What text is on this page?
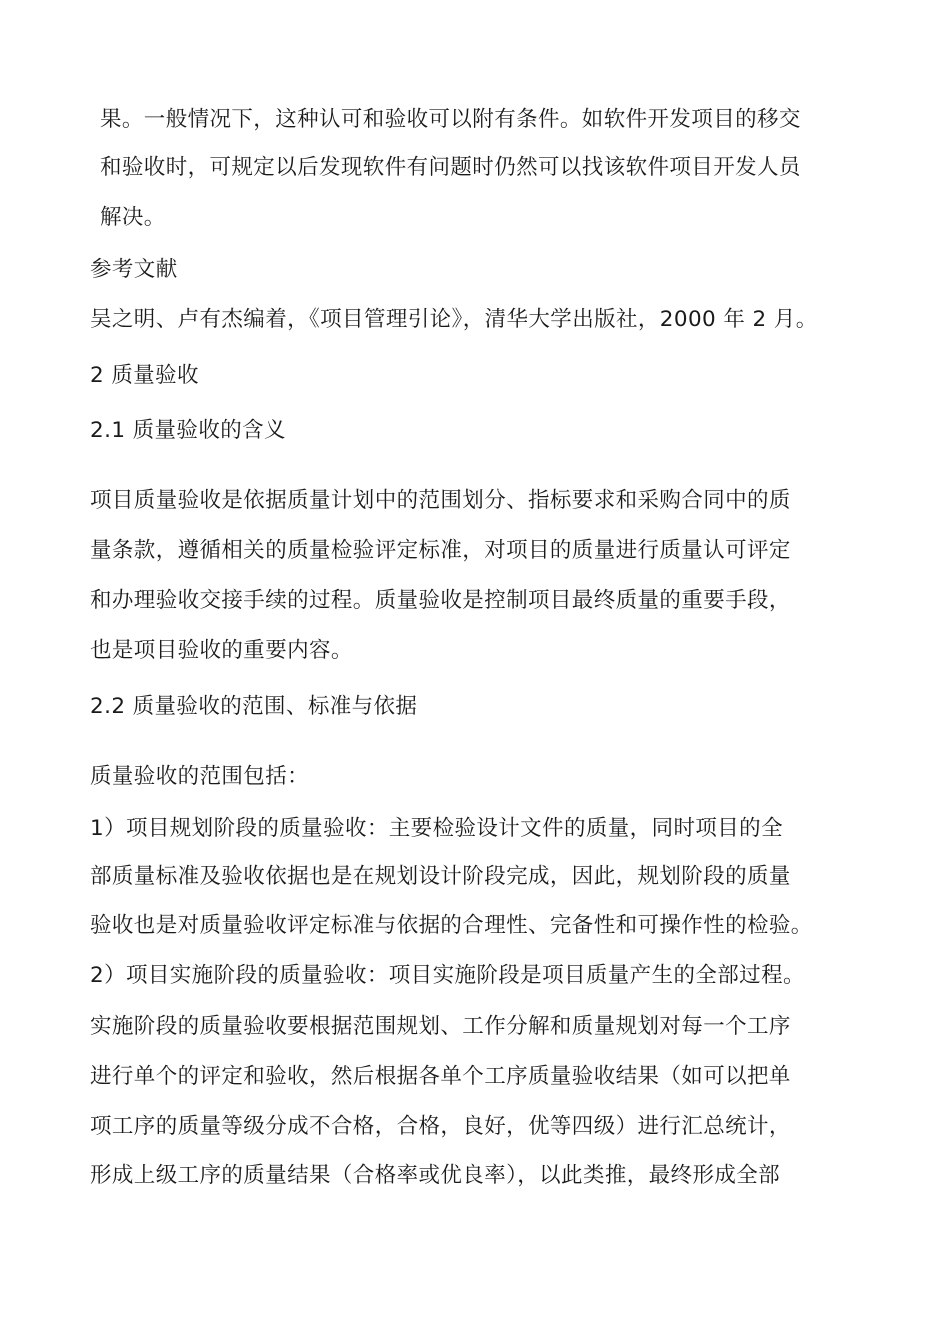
果。一般情况下，这种认可和验收可以附有条件。如软件开发项目的移交
和验收时，可规定以后发现软件有问题时仍然可以找该软件项目开发人员
解决。
参考文献
吴之明、卢有杰编着，《项目管理引论》，清华大学出版社，2000 年 2 月。
2 质量验收
2.1 质量验收的含义
项目质量验收是依据质量计划中的范围划分、指标要求和采购合同中的质
量条款，遵循相关的质量检验评定标准，对项目的质量进行质量认可评定
和办理验收交接手续的过程。质量验收是控制项目最终质量的重要手段，
也是项目验收的重要内容。
2.2 质量验收的范围、标准与依据
质量验收的范围包括：
1）项目规划阶段的质量验收：主要检验设计文件的质量，同时项目的全
部质量标准及验收依据也是在规划设计阶段完成，因此，规划阶段的质量
验收也是对质量验收评定标准与依据的合理性、完备性和可操作性的检验。
2）项目实施阶段的质量验收：项目实施阶段是项目质量产生的全部过程。
实施阶段的质量验收要根据范围规划、工作分解和质量规划对每一个工序
进行单个的评定和验收，然后根据各单个工序质量验收结果（如可以把单
项工序的质量等级分成不合格，合格，良好，优等四级）进行汇总统计，
形成上级工序的质量结果（合格率或优良率），以此类推，最终形成全部
